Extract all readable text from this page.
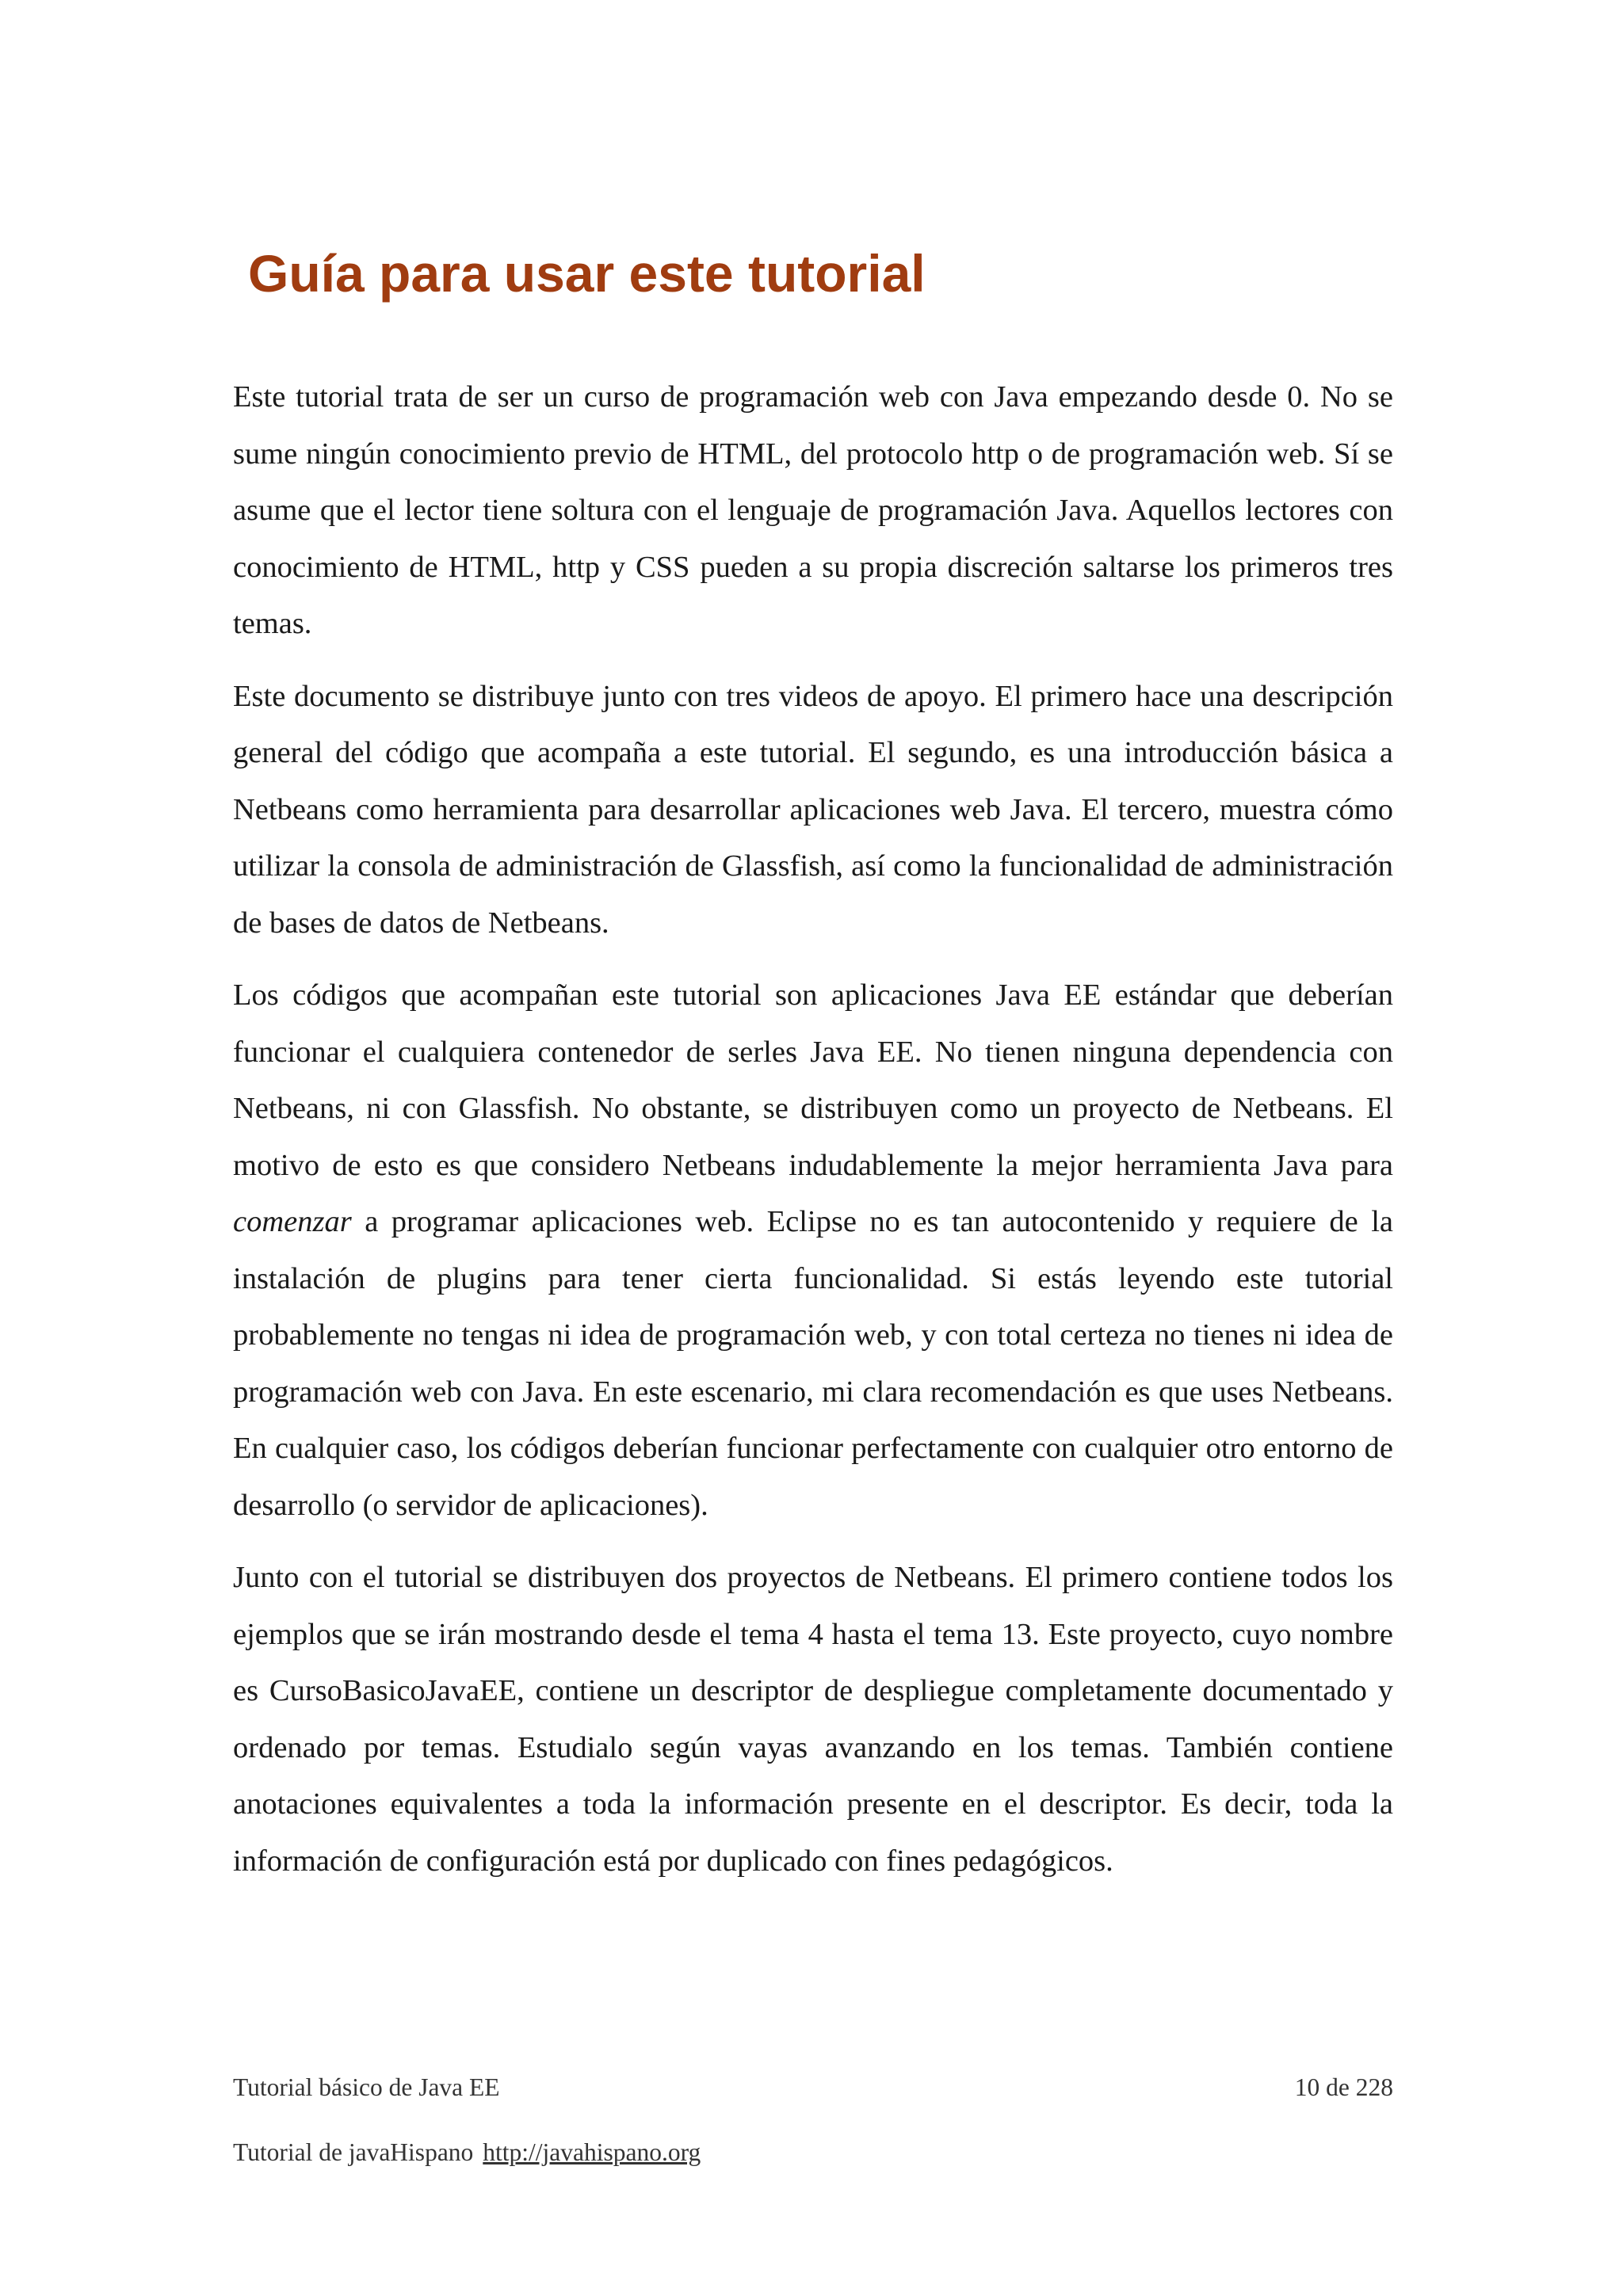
Guía para usar este tutorial

Este tutorial trata de ser un curso de programación web con Java empezando desde 0. No se sume ningún conocimiento previo de HTML, del protocolo http o de programación web. Sí se asume que el lector tiene soltura con el lenguaje de programación Java. Aquellos lectores con conocimiento de HTML, http y CSS pueden a su propia discreción saltarse los primeros tres temas.

Este documento se distribuye junto con tres videos de apoyo. El primero hace una descripción general del código que acompaña a este tutorial. El segundo, es una introducción básica a Netbeans como herramienta para desarrollar aplicaciones web Java. El tercero, muestra cómo utilizar la consola de administración de Glassfish, así como la funcionalidad de administración de bases de datos de Netbeans.

Los códigos que acompañan este tutorial son aplicaciones Java EE estándar que deberían funcionar el cualquiera contenedor de serles Java EE. No tienen ninguna dependencia con Netbeans, ni con Glassfish. No obstante, se distribuyen como un proyecto de Netbeans. El motivo de esto es que considero Netbeans indudablemente la mejor herramienta Java para comenzar a programar aplicaciones web. Eclipse no es tan autocontenido y requiere de la instalación de plugins para tener cierta funcionalidad. Si estás leyendo este tutorial probablemente no tengas ni idea de programación web, y con total certeza no tienes ni idea de programación web con Java. En este escenario, mi clara recomendación es que uses Netbeans. En cualquier caso, los códigos deberían funcionar perfectamente con cualquier otro entorno de desarrollo (o servidor de aplicaciones).

Junto con el tutorial se distribuyen dos proyectos de Netbeans. El primero contiene todos los ejemplos que se irán mostrando desde el tema 4 hasta el tema 13. Este proyecto, cuyo nombre es CursoBasicoJavaEE, contiene un descriptor de despliegue completamente documentado y ordenado por temas. Estudialo según vayas avanzando en los temas. También contiene anotaciones equivalentes a toda la información presente en el descriptor. Es decir, toda la información de configuración está por duplicado con fines pedagógicos.

Tutorial básico de Java EE	10 de 228
Tutorial de javaHispano http://javahispano.org
